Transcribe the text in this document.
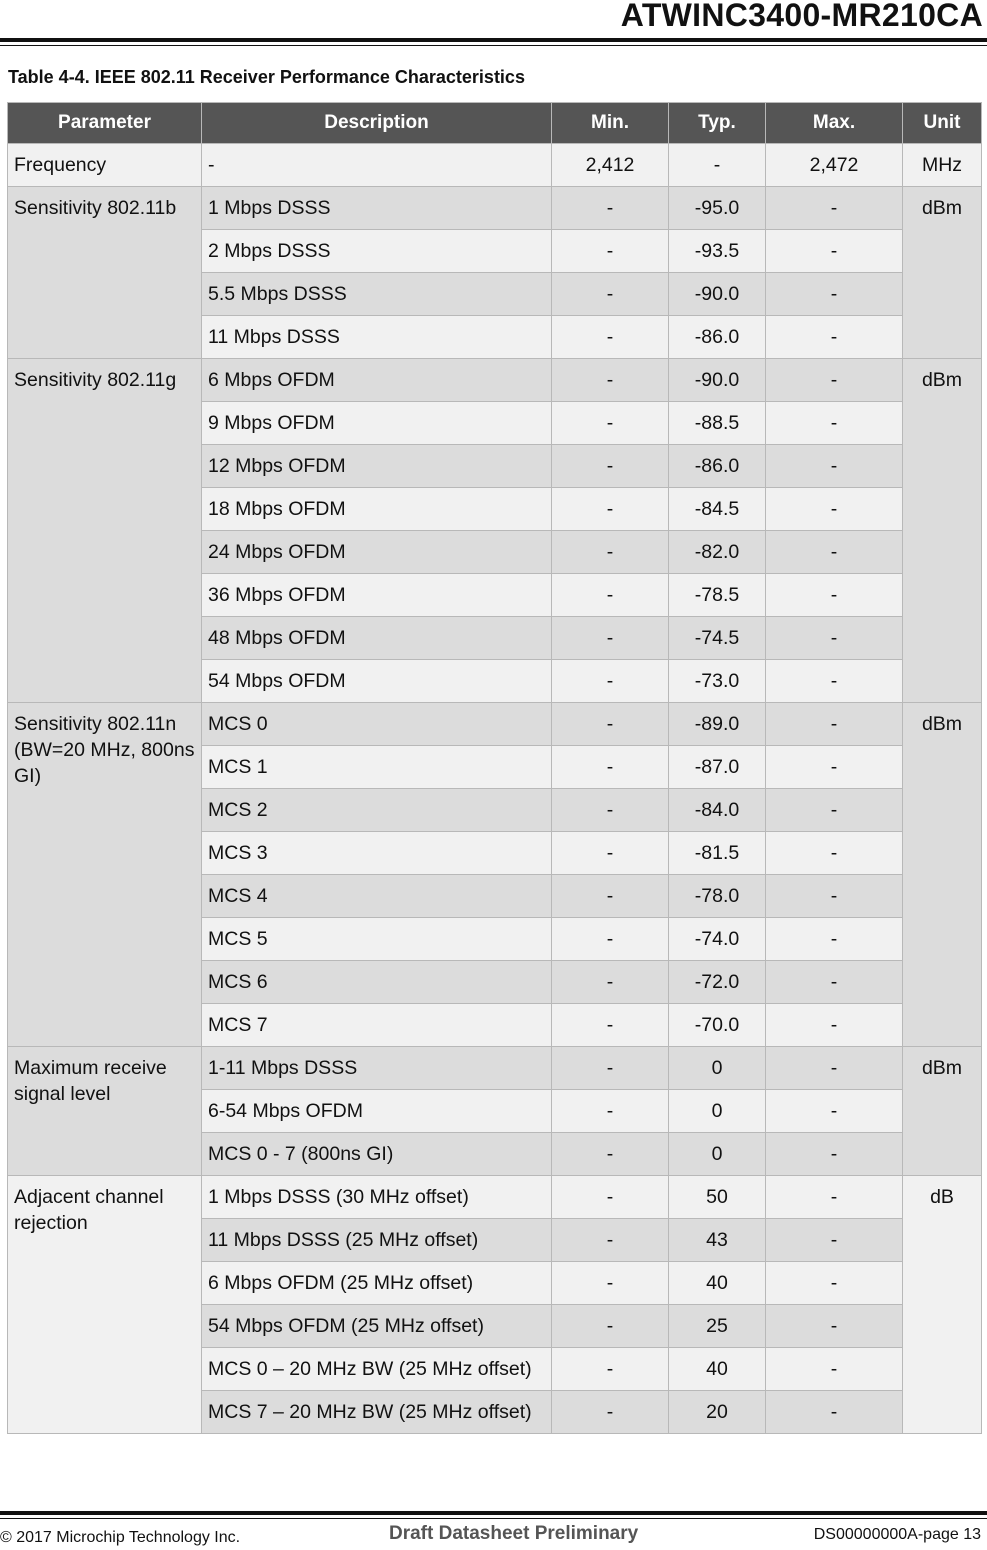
ATWINC3400-MR210CA
Table 4-4. IEEE 802.11 Receiver Performance Characteristics
Parameter	Description	Min.	Typ.	Max.	Unit
Frequency	-	2,412	-	2,472	MHz
Sensitivity 802.11b	1 Mbps DSSS	-	-95.0	-	dBm
	2 Mbps DSSS	-	-93.5	-	
	5.5 Mbps DSSS	-	-90.0	-	
	11 Mbps DSSS	-	-86.0	-	
Sensitivity 802.11g	6 Mbps OFDM	-	-90.0	-	dBm
	9 Mbps OFDM	-	-88.5	-	
	12 Mbps OFDM	-	-86.0	-	
	18 Mbps OFDM	-	-84.5	-	
	24 Mbps OFDM	-	-82.0	-	
	36 Mbps OFDM	-	-78.5	-	
	48 Mbps OFDM	-	-74.5	-	
	54 Mbps OFDM	-	-73.0	-	
Sensitivity 802.11n (BW=20 MHz, 800ns GI)	MCS 0	-	-89.0	-	dBm
	MCS 1	-	-87.0	-	
	MCS 2	-	-84.0	-	
	MCS 3	-	-81.5	-	
	MCS 4	-	-78.0	-	
	MCS 5	-	-74.0	-	
	MCS 6	-	-72.0	-	
	MCS 7	-	-70.0	-	
Maximum receive signal level	1-11 Mbps DSSS	-	0	-	dBm
	6-54 Mbps OFDM	-	0	-	
	MCS 0 - 7 (800ns GI)	-	0	-	
Adjacent channel rejection	1 Mbps DSSS (30 MHz offset)	-	50	-	dB
	11 Mbps DSSS (25 MHz offset)	-	43	-	
	6 Mbps OFDM (25 MHz offset)	-	40	-	
	54 Mbps OFDM (25 MHz offset)	-	25	-	
	MCS 0 – 20 MHz BW (25 MHz offset)	-	40	-	
	MCS 7 – 20 MHz BW (25 MHz offset)	-	20	-	
© 2017 Microchip Technology Inc.	Draft Datasheet Preliminary	DS00000000A-page 13
